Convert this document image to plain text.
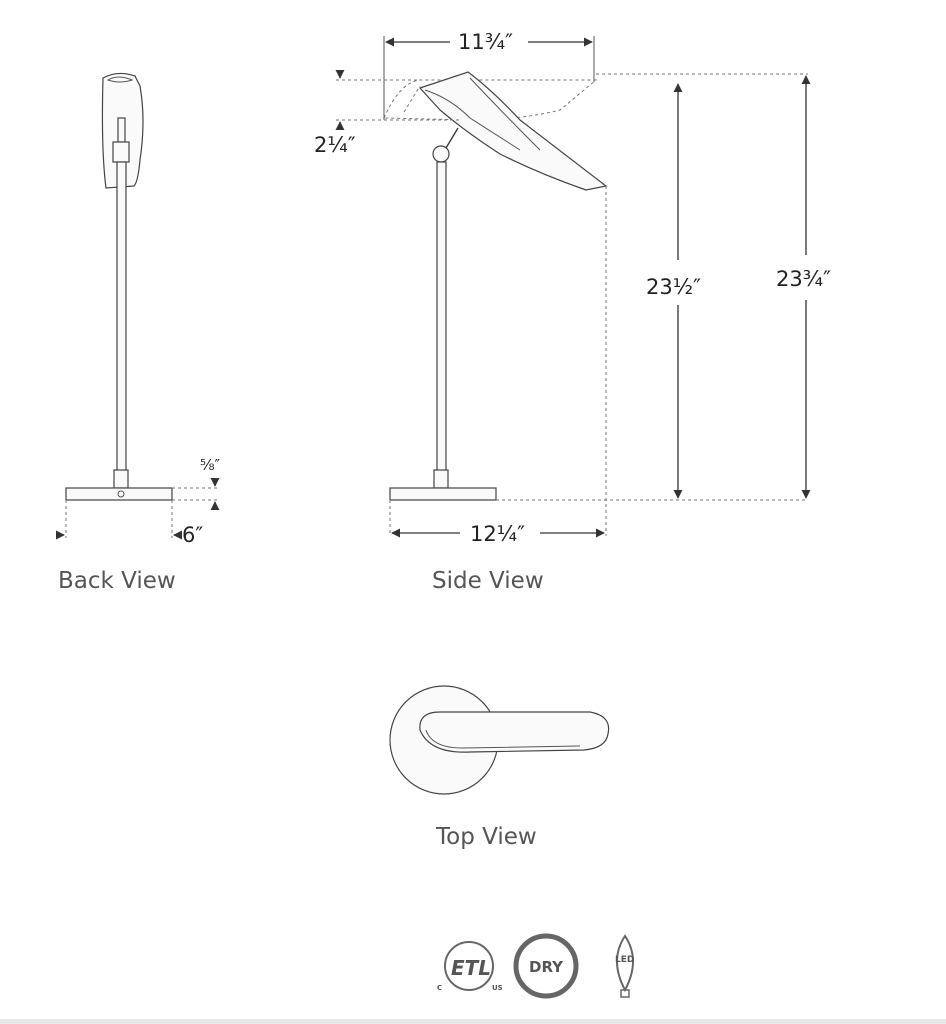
⅝″
6″
Back View
11¾″
2¼″
23½″	23¾″
12¼″
Side View
Top View
ETL
C	US
DRY	LED
